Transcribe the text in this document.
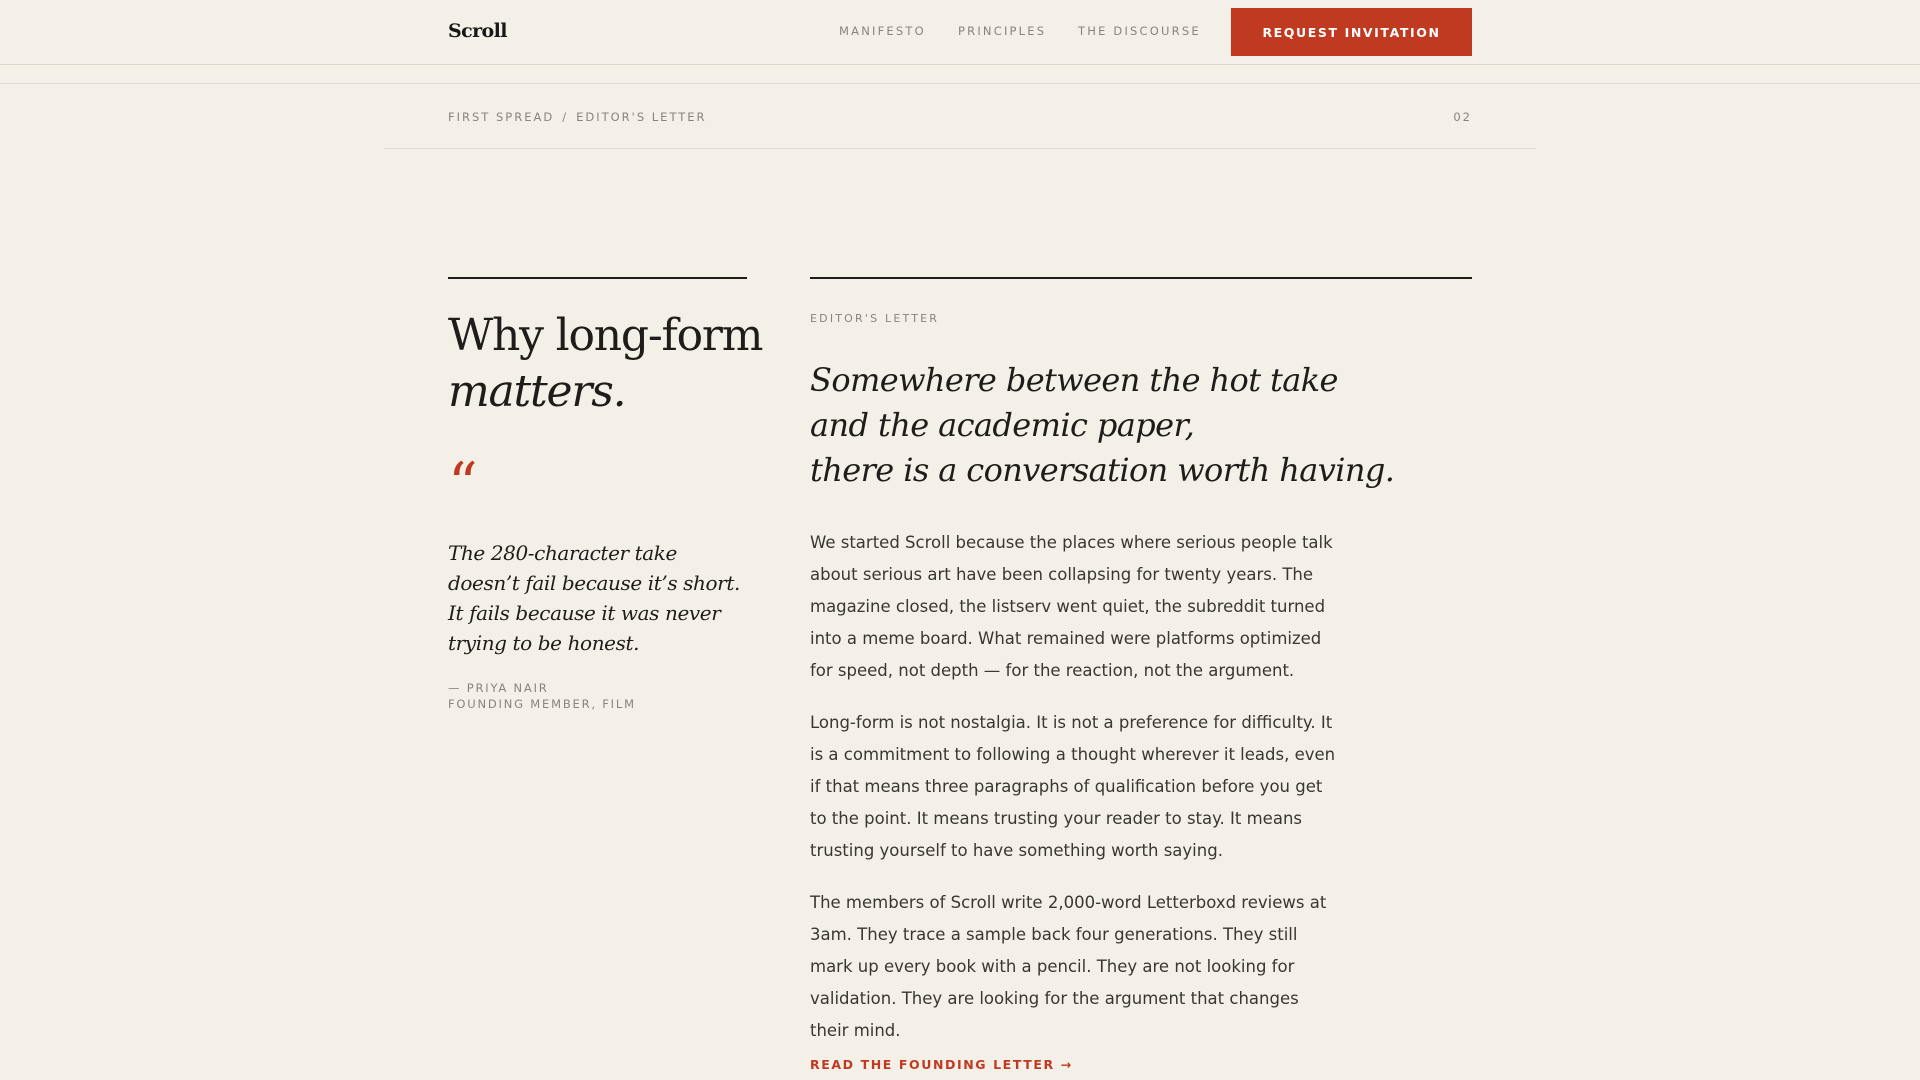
Scroll	MANIFESTO	PRINCIPLES	THE DISCOURSE	REQUEST INVITATION
FIRST SPREAD / EDITOR'S LETTER	02
Why long-form
matters.
“
The 280-character take doesn’t fail because it’s short. It fails because it was never trying to be honest.
— PRIYA NAIR
FOUNDING MEMBER, FILM
EDITOR'S LETTER
Somewhere between the hot take
and the academic paper,
there is a conversation worth having.

We started Scroll because the places where serious people talk about serious art have been collapsing for twenty years. The magazine closed, the listserv went quiet, the subreddit turned into a meme board. What remained were platforms optimized for speed, not depth — for the reaction, not the argument.

Long-form is not nostalgia. It is not a preference for difficulty. It is a commitment to following a thought wherever it leads, even if that means three paragraphs of qualification before you get to the point. It means trusting your reader to stay. It means trusting yourself to have something worth saying.

The members of Scroll write 2,000-word Letterboxd reviews at 3am. They trace a sample back four generations. They still mark up every book with a pencil. They are not looking for validation. They are looking for the argument that changes their mind.

READ THE FOUNDING LETTER →
